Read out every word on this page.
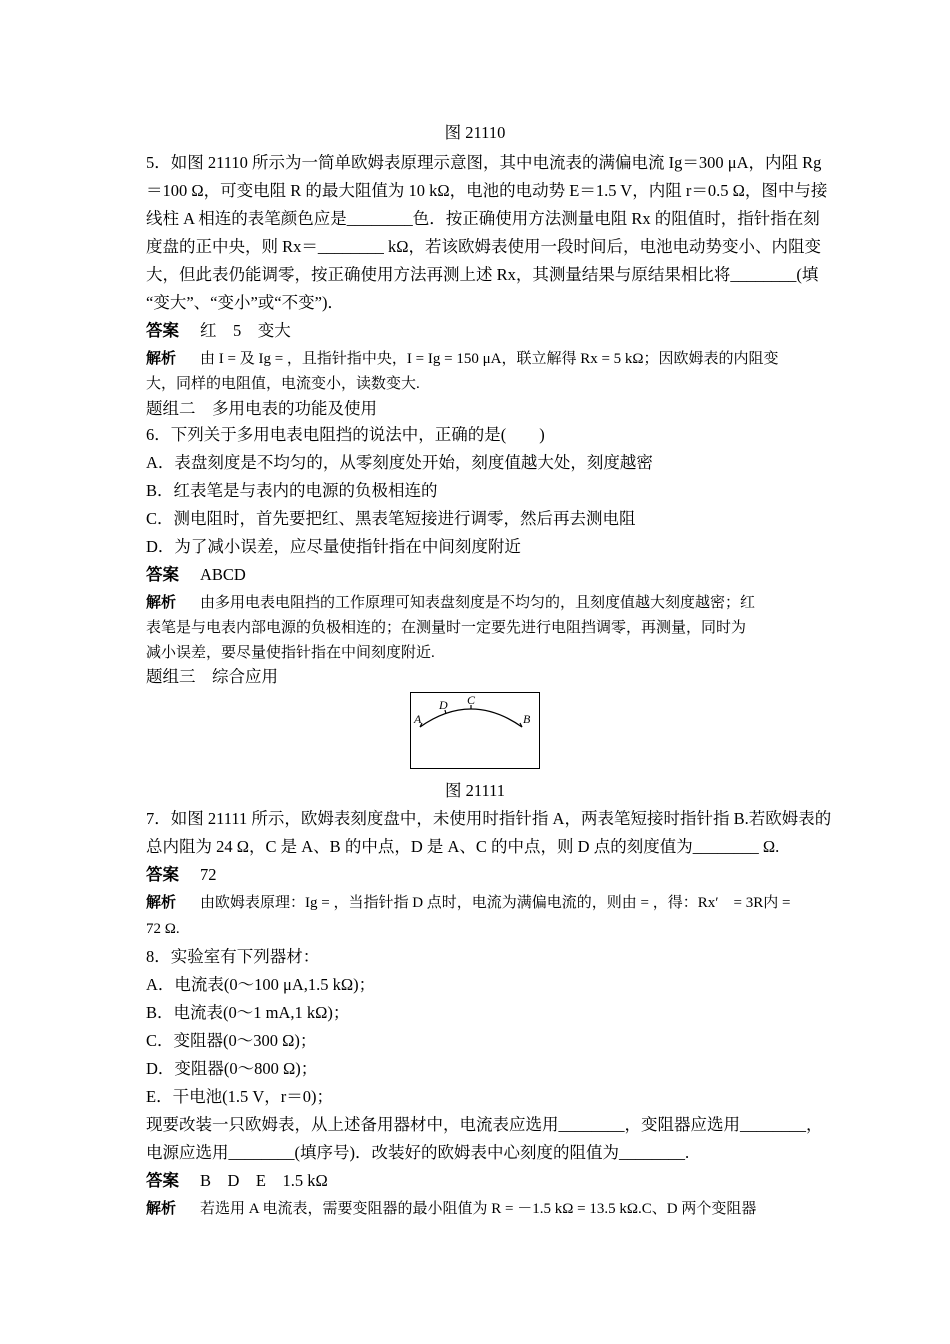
图 21110
5．如图 21110 所示为一简单欧姆表原理示意图，其中电流表的满偏电流 Ig＝300 μA，内阻 Rg
＝100 Ω，可变电阻 R 的最大阻值为 10 kΩ，电池的电动势 E＝1.5 V，内阻 r＝0.5 Ω，图中与接
线柱 A 相连的表笔颜色应是________色．按正确使用方法测量电阻 Rx 的阻值时，指针指在刻
度盘的正中央，则 Rx＝________ kΩ，若该欧姆表使用一段时间后，电池电动势变小、内阻变
大，但此表仍能调零，按正确使用方法再测上述 Rx，其测量结果与原结果相比将________(填
“变大”、“变小”或“不变”)．
答案 红　5　变大
解析 由 I = 及 Ig = ，且指针指中央，I = Ig = 150 μA，联立解得 Rx = 5 kΩ；因欧姆表的内阻变
大，同样的电阻值，电流变小，读数变大.
题组二　多用电表的功能及使用
6．下列关于多用电表电阻挡的说法中，正确的是(　　)
A．表盘刻度是不均匀的，从零刻度处开始，刻度值越大处，刻度越密
B．红表笔是与表内的电源的负极相连的
C．测电阻时，首先要把红、黑表笔短接进行调零，然后再去测电阻
D．为了减小误差，应尽量使指针指在中间刻度附近
答案 ABCD
解析 由多用电表电阻挡的工作原理可知表盘刻度是不均匀的，且刻度值越大刻度越密；红
表笔是与电表内部电源的负极相连的；在测量时一定要先进行电阻挡调零，再测量，同时为
减小误差，要尽量使指针指在中间刻度附近.
题组三　综合应用
A	B
C
D
图 21111
7．如图 21111 所示，欧姆表刻度盘中，未使用时指针指 A，两表笔短接时指针指 B.若欧姆表的
总内阻为 24 Ω，C 是 A、B 的中点，D 是 A、C 的中点，则 D 点的刻度值为________ Ω.
答案 72
解析 由欧姆表原理：Ig = ，当指针指 D 点时，电流为满偏电流的，则由 = ，得：Rx′　= 3R内 =
72 Ω.
8．实验室有下列器材：
A．电流表(0～100 μA,1.5 kΩ)；
B．电流表(0～1 mA,1 kΩ)；
C．变阻器(0～300 Ω)；
D．变阻器(0～800 Ω)；
E．干电池(1.5 V，r＝0)；
现要改装一只欧姆表，从上述备用器材中，电流表应选用________，变阻器应选用________，
电源应选用________(填序号)．改装好的欧姆表中心刻度的阻值为________.
答案 B　D　E　1.5 kΩ
解析 若选用 A 电流表，需要变阻器的最小阻值为 R = －1.5 kΩ = 13.5 kΩ.C、D 两个变阻器
